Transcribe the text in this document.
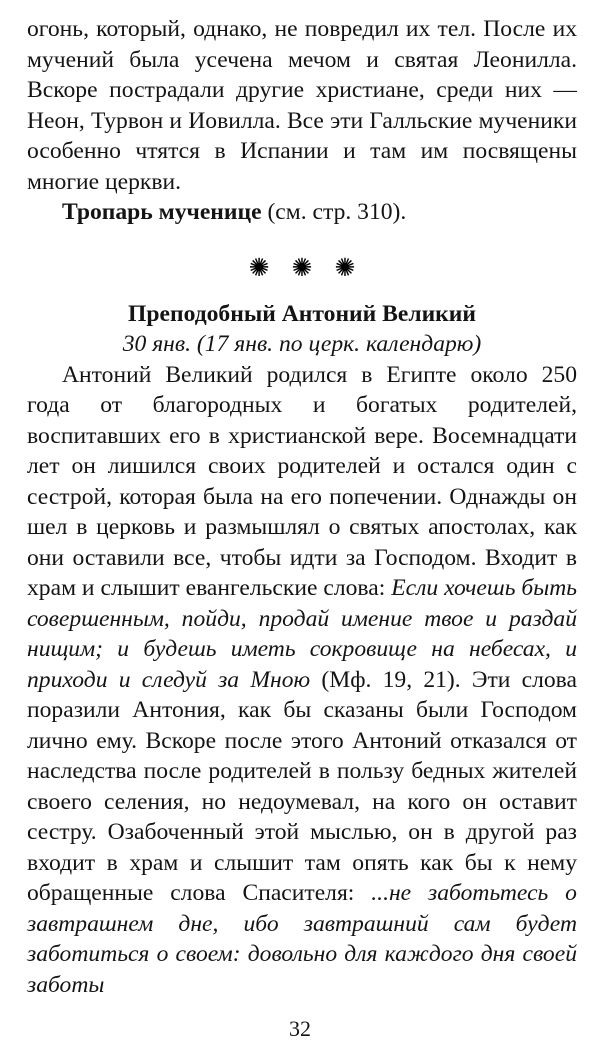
огонь, который, однако, не повредил их тел. После их мучений была усечена мечом и святая Леонилла. Вскоре пострадали другие христиане, среди них — Неон, Турвон и Иовилла. Все эти Галльские мученики особенно чтятся в Испании и там им посвящены многие церкви.

Тропарь мученице (см. стр. 310).

✺✺✺

Преподобный Антоний Великий

30 янв. (17 янв. по церк. календарю)

Антоний Великий родился в Египте около 250 года от благородных и богатых родителей, воспитавших его в христианской вере. Восемнадцати лет он лишился своих родителей и остался один с сестрой, которая была на его попечении. Однажды он шел в церковь и размышлял о святых апостолах, как они оставили все, чтобы идти за Господом. Входит в храм и слышит евангельские слова: Если хочешь быть совершенным, пойди, продай имение твое и раздай нищим; и будешь иметь сокровище на небесах, и приходи и следуй за Мною (Мф. 19, 21). Эти слова поразили Антония, как бы сказаны были Господом лично ему. Вскоре после этого Антоний отказался от наследства после родителей в пользу бедных жителей своего селения, но недоумевал, на кого он оставит сестру. Озабоченный этой мыслью, он в другой раз входит в храм и слышит там опять как бы к нему обращенные слова Спасителя: ...не заботьтесь о завтрашнем дне, ибо завтрашний сам будет заботиться о своем: довольно для каждого дня своей заботы

32
